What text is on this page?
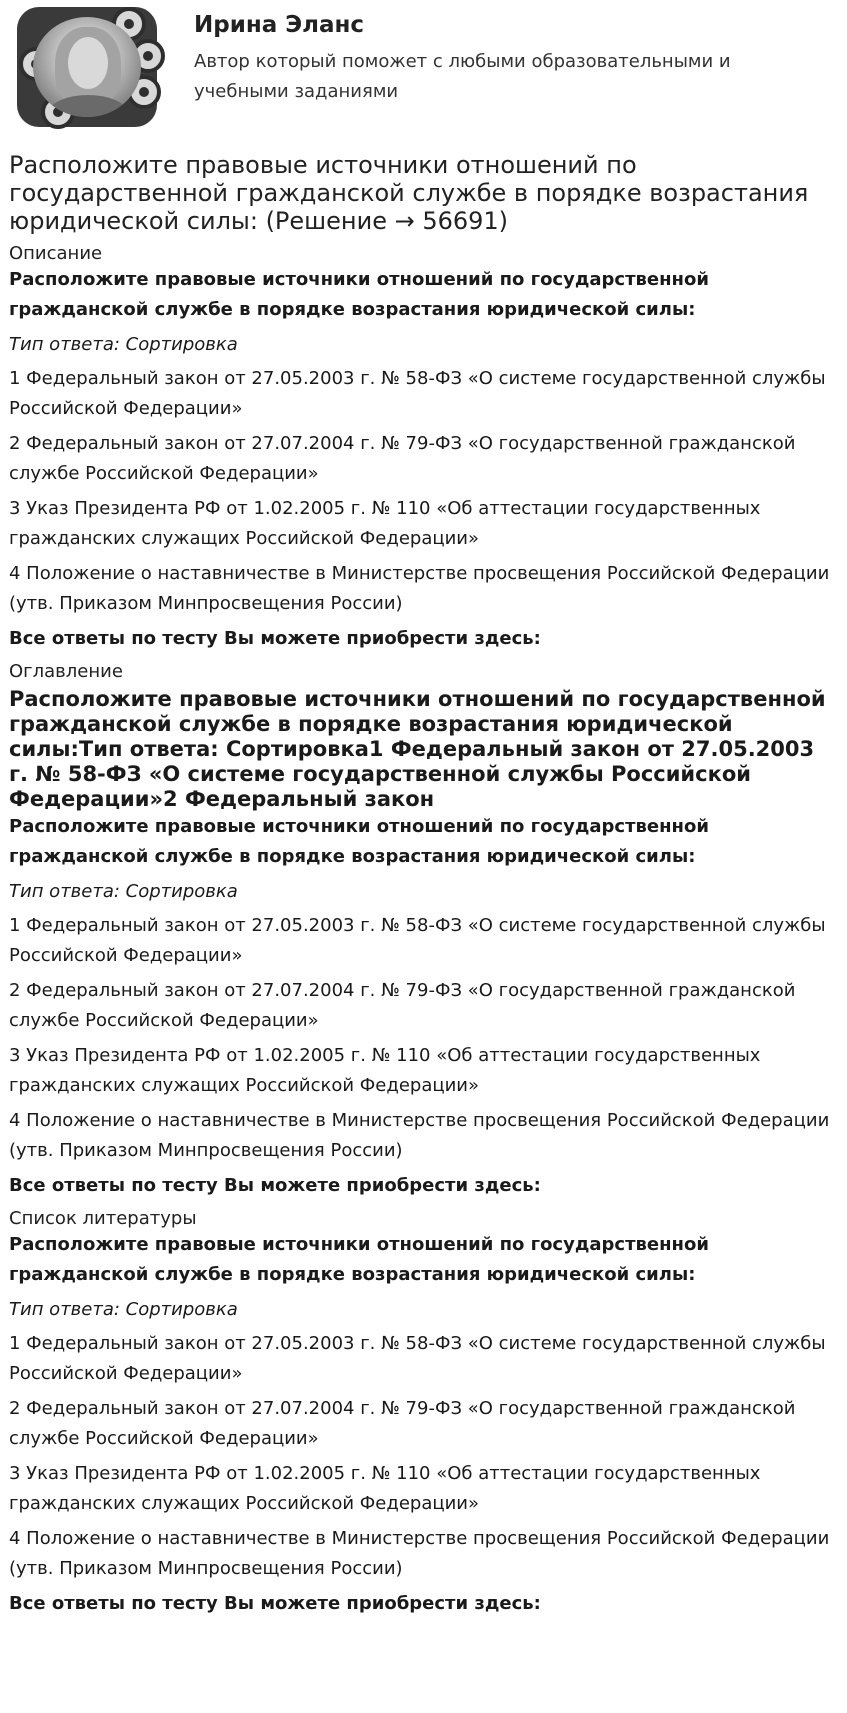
Ирина Эланс
Автор который поможет с любыми образовательными и учебными заданиями
Расположите правовые источники отношений по государственной гражданской службе в порядке возрастания юридической силы: (Решение → 56691)
Описание

Расположите правовые источники отношений по государственной гражданской службе в порядке возрастания юридической силы:

Тип ответа: Сортировка

1 Федеральный закон от 27.05.2003 г. № 58-ФЗ «О системе государственной службы Российской Федерации»

2 Федеральный закон от 27.07.2004 г. № 79-ФЗ «О государственной гражданской службе Российской Федерации»

3 Указ Президента РФ от 1.02.2005 г. № 110 «Об аттестации государственных гражданских служащих Российской Федерации»

4 Положение о наставничестве в Министерстве просвещения Российской Федерации (утв. Приказом Минпросвещения России)

Все ответы по тесту Вы можете приобрести здесь:

Оглавление

Расположите правовые источники отношений по государственной гражданской службе в порядке возрастания юридической силы:Тип ответа: Сортировка1 Федеральный закон от 27.05.2003 г. № 58-ФЗ «О системе государственной службы Российской Федерации»2 Федеральный закон

Расположите правовые источники отношений по государственной гражданской службе в порядке возрастания юридической силы:

Тип ответа: Сортировка

1 Федеральный закон от 27.05.2003 г. № 58-ФЗ «О системе государственной службы Российской Федерации»

2 Федеральный закон от 27.07.2004 г. № 79-ФЗ «О государственной гражданской службе Российской Федерации»

3 Указ Президента РФ от 1.02.2005 г. № 110 «Об аттестации государственных гражданских служащих Российской Федерации»

4 Положение о наставничестве в Министерстве просвещения Российской Федерации (утв. Приказом Минпросвещения России)

Все ответы по тесту Вы можете приобрести здесь:

Список литературы

Расположите правовые источники отношений по государственной гражданской службе в порядке возрастания юридической силы:

Тип ответа: Сортировка

1 Федеральный закон от 27.05.2003 г. № 58-ФЗ «О системе государственной службы Российской Федерации»

2 Федеральный закон от 27.07.2004 г. № 79-ФЗ «О государственной гражданской службе Российской Федерации»

3 Указ Президента РФ от 1.02.2005 г. № 110 «Об аттестации государственных гражданских служащих Российской Федерации»

4 Положение о наставничестве в Министерстве просвещения Российской Федерации (утв. Приказом Минпросвещения России)

Все ответы по тесту Вы можете приобрести здесь:
